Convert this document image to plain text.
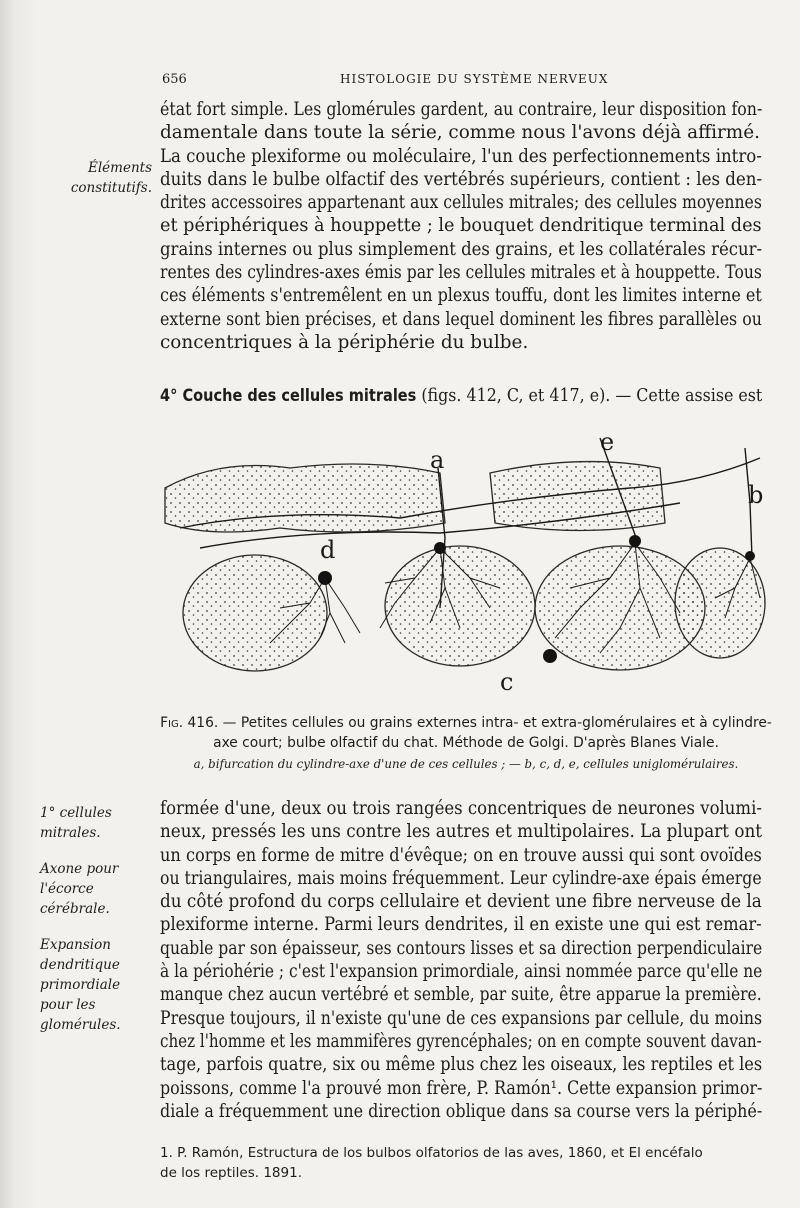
656	HISTOLOGIE DU SYSTÈME NERVEUX
état fort simple. Les glomérules gardent, au contraire, leur disposition fon-
damentale dans toute la série, comme nous l'avons déjà affirmé.
La couche plexiforme ou moléculaire, l'un des perfectionnements intro-
duits dans le bulbe olfactif des vertébrés supérieurs, contient : les den-
drites accessoires appartenant aux cellules mitrales; des cellules moyennes
et périphériques à houppette ; le bouquet dendritique terminal des
grains internes ou plus simplement des grains, et les collatérales récur-
rentes des cylindres-axes émis par les cellules mitrales et à houppette. Tous
ces éléments s'entremêlent en un plexus touffu, dont les limites interne et
externe sont bien précises, et dans lequel dominent les fibres parallèles ou
concentriques à la périphérie du bulbe.
Éléments constitutifs.
4° Couche des cellules mitrales (figs. 412, C, et 417, e). — Cette assise est
a
b
c
d
e
Fig. 416. — Petites cellules ou grains externes intra- et extra-glomérulaires et à cylindre-
axe court; bulbe olfactif du chat. Méthode de Golgi. D'après Blanes Viale.
a, bifurcation du cylindre-axe d'une de ces cellules ; — b, c, d, e, cellules uniglomérulaires.

1° cellules mitrales.

Axone pour l'écorce cérébrale.

Expansion dendritique primordiale pour les glomérules.

formée d'une, deux ou trois rangées concentriques de neurones volumi-
neux, pressés les uns contre les autres et multipolaires. La plupart ont
un corps en forme de mitre d'évêque; on en trouve aussi qui sont ovoïdes
ou triangulaires, mais moins fréquemment. Leur cylindre-axe épais émerge
du côté profond du corps cellulaire et devient une fibre nerveuse de la
plexiforme interne. Parmi leurs dendrites, il en existe une qui est remar-
quable par son épaisseur, ses contours lisses et sa direction perpendiculaire
à la périohérie ; c'est l'expansion primordiale, ainsi nommée parce qu'elle ne
manque chez aucun vertébré et semble, par suite, être apparue la première.
Presque toujours, il n'existe qu'une de ces expansions par cellule, du moins
chez l'homme et les mammifères gyrencéphales; on en compte souvent davan-
tage, parfois quatre, six ou même plus chez les oiseaux, les reptiles et les
poissons, comme l'a prouvé mon frère, P. Ramón¹. Cette expansion primor-
diale a fréquemment une direction oblique dans sa course vers la périphé-
1. P. Ramón, Estructura de los bulbos olfatorios de las aves, 1860, et El encéfalo
de los reptiles. 1891.
